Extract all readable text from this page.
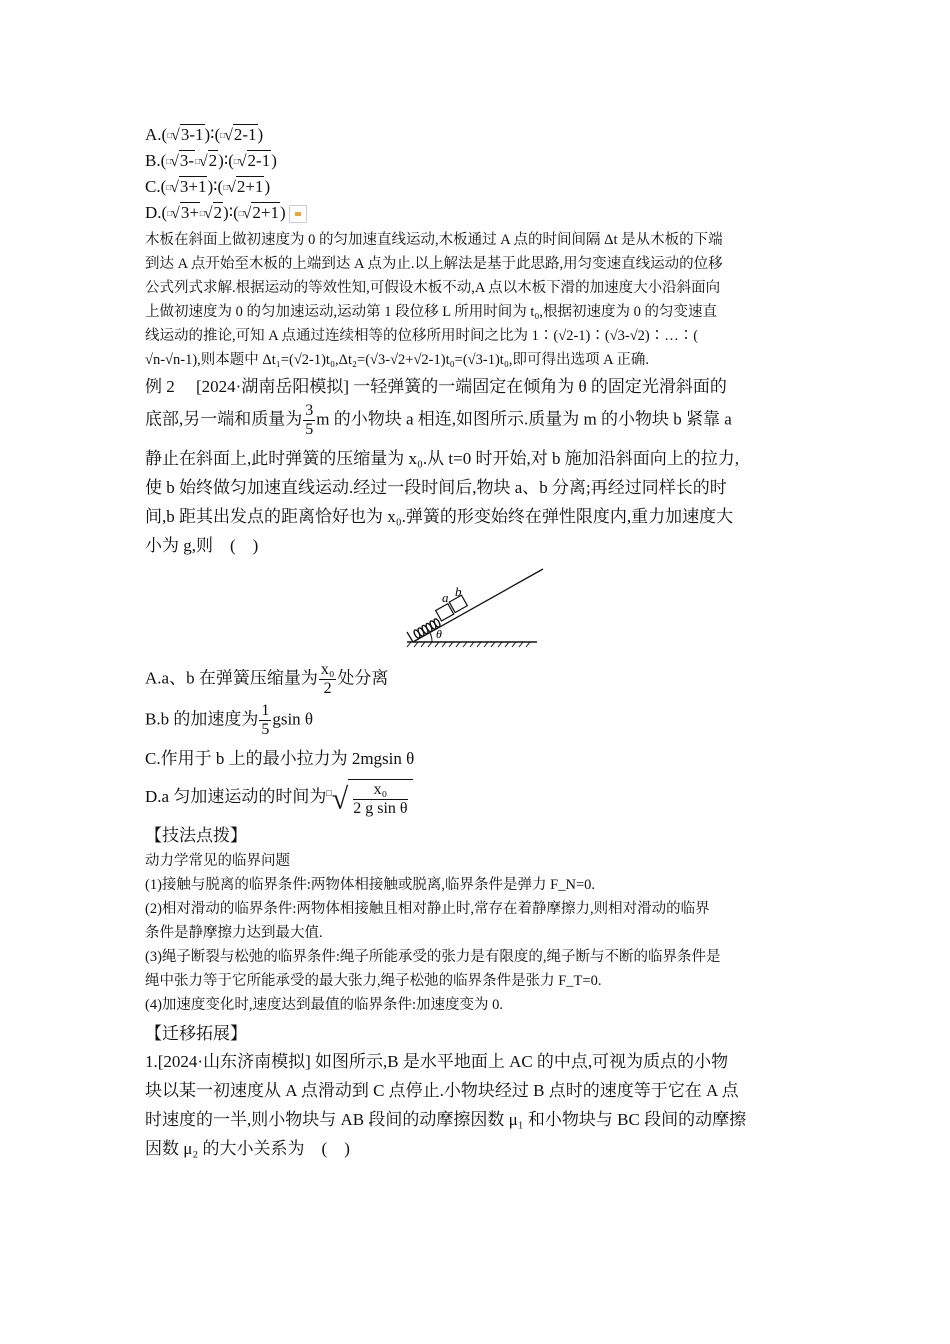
A.(□√3-1)∶(□√2-1)
B.(□√3-□√2)∶(□√2-1)
C.(□√3+1)∶(□√2+1)
D.(□√3+□√2)∶(□√2+1)
木板在斜面上做初速度为 0 的匀加速直线运动,木板通过 A 点的时间间隔 Δt 是从木板的下端
到达 A 点开始至木板的上端到达 A 点为止.以上解法是基于此思路,用匀变速直线运动的位移
公式列式求解.根据运动的等效性知,可假设木板不动,A 点以木板下滑的加速度大小沿斜面向
上做初速度为 0 的匀加速运动,运动第 1 段位移 L 所用时间为 t₀,根据初速度为 0 的匀变速直
线运动的推论,可知 A 点通过连续相等的位移所用时间之比为 1∶(√2-1)∶(√3-√2)∶…∶(
√n-√n-1),则本题中 Δt₁=(√2-1)t₀,Δt₂=(√3-√2+√2-1)t₀=(√3-1)t₀,即可得出选项 A 正确.
例 2　 [2024·湖南岳阳模拟] 一轻弹簧的一端固定在倾角为 θ 的固定光滑斜面的
底部,另一端和质量为 $\frac{3}{5}$ m 的小物块 a 相连,如图所示.质量为 m 的小物块 b 紧靠 a
静止在斜面上,此时弹簧的压缩量为 x₀.从 t=0 时开始,对 b 施加沿斜面向上的拉力,
使 b 始终做匀加速直线运动.经过一段时间后,物块 a、b 分离;再经过同样长的时
间,b 距其出发点的距离恰好也为 x₀.弹簧的形变始终在弹性限度内,重力加速度大
小为 g,则　(　)
a b
θ
A.a、b 在弹簧压缩量为 $\frac{\text{x₀}}{2}$ 处分离
B.b 的加速度为 $\frac{1}{5}$ gsin θ
C.作用于 b 上的最小拉力为 2mgsin θ
D.a 匀加速运动的时间为$^□√ \frac{\text{x₀}}{\text{2 g sin θ}}$
【技法点拨】
动力学常见的临界问题
(1)接触与脱离的临界条件:两物体相接触或脱离,临界条件是弹力 F_N=0.
(2)相对滑动的临界条件:两物体相接触且相对静止时,常存在着静摩擦力,则相对滑动的临界
条件是静摩擦力达到最大值.
(3)绳子断裂与松弛的临界条件:绳子所能承受的张力是有限度的,绳子断与不断的临界条件是
绳中张力等于它所能承受的最大张力,绳子松弛的临界条件是张力 F_T=0.
(4)加速度变化时,速度达到最值的临界条件:加速度变为 0.
【迁移拓展】
1.[2024·山东济南模拟] 如图所示,B 是水平地面上 AC 的中点,可视为质点的小物
块以某一初速度从 A 点滑动到 C 点停止.小物块经过 B 点时的速度等于它在 A 点
时速度的一半,则小物块与 AB 段间的动摩擦因数 μ₁ 和小物块与 BC 段间的动摩擦
因数 μ₂ 的大小关系为　(　)
